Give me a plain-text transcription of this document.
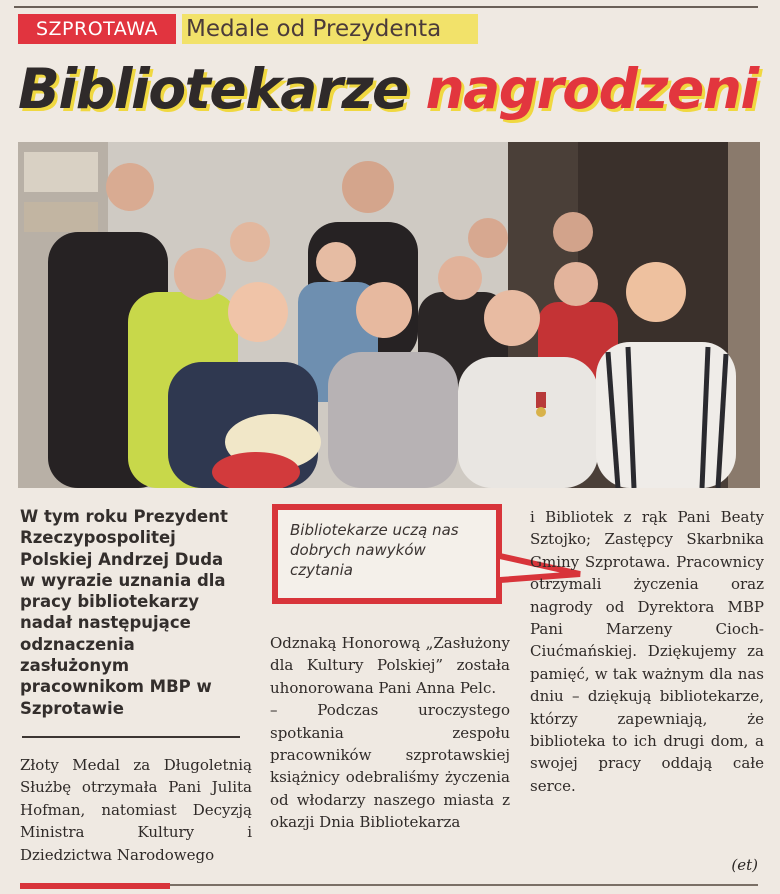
SZPROTAWA	Medale od Prezydenta
Bibliotekarze nagrodzeni
W tym roku Prezydent Rzeczypospolitej Polskiej Andrzej Duda w wyrazie uznania dla pracy bibliotekarzy nadał następujące odznaczenia zasłużonym pracownikom MBP w Szprotawie
Bibliotekarze uczą nas dobrych nawyków czytania

Złoty Medal za Długoletnią Służbę otrzymała Pani Julita Hofman, natomiast Decyzją Ministra Kultury i Dziedzictwa Narodowego

Odznaką Honorową „Zasłużony dla Kultury Polskiej” została uhonorowana Pani Anna Pelc.
– Podczas uroczystego spotkania zespołu pracowników szprotawskiej książnicy odebraliśmy życzenia od włodarzy naszego miasta z okazji Dnia Bibliotekarza

i Bibliotek z rąk Pani Beaty Sztojko; Zastępcy Skarbnika Gminy Szprotawa. Pracownicy otrzymali życzenia oraz nagrody od Dyrektora MBP Pani Marzeny Cioch-Ciućmańskiej. Dziękujemy za pamięć, w tak ważnym dla nas dniu – dziękują bibliotekarze, którzy zapewniają, że biblioteka to ich drugi dom, a swojej pracy oddają całe serce.

(et)
